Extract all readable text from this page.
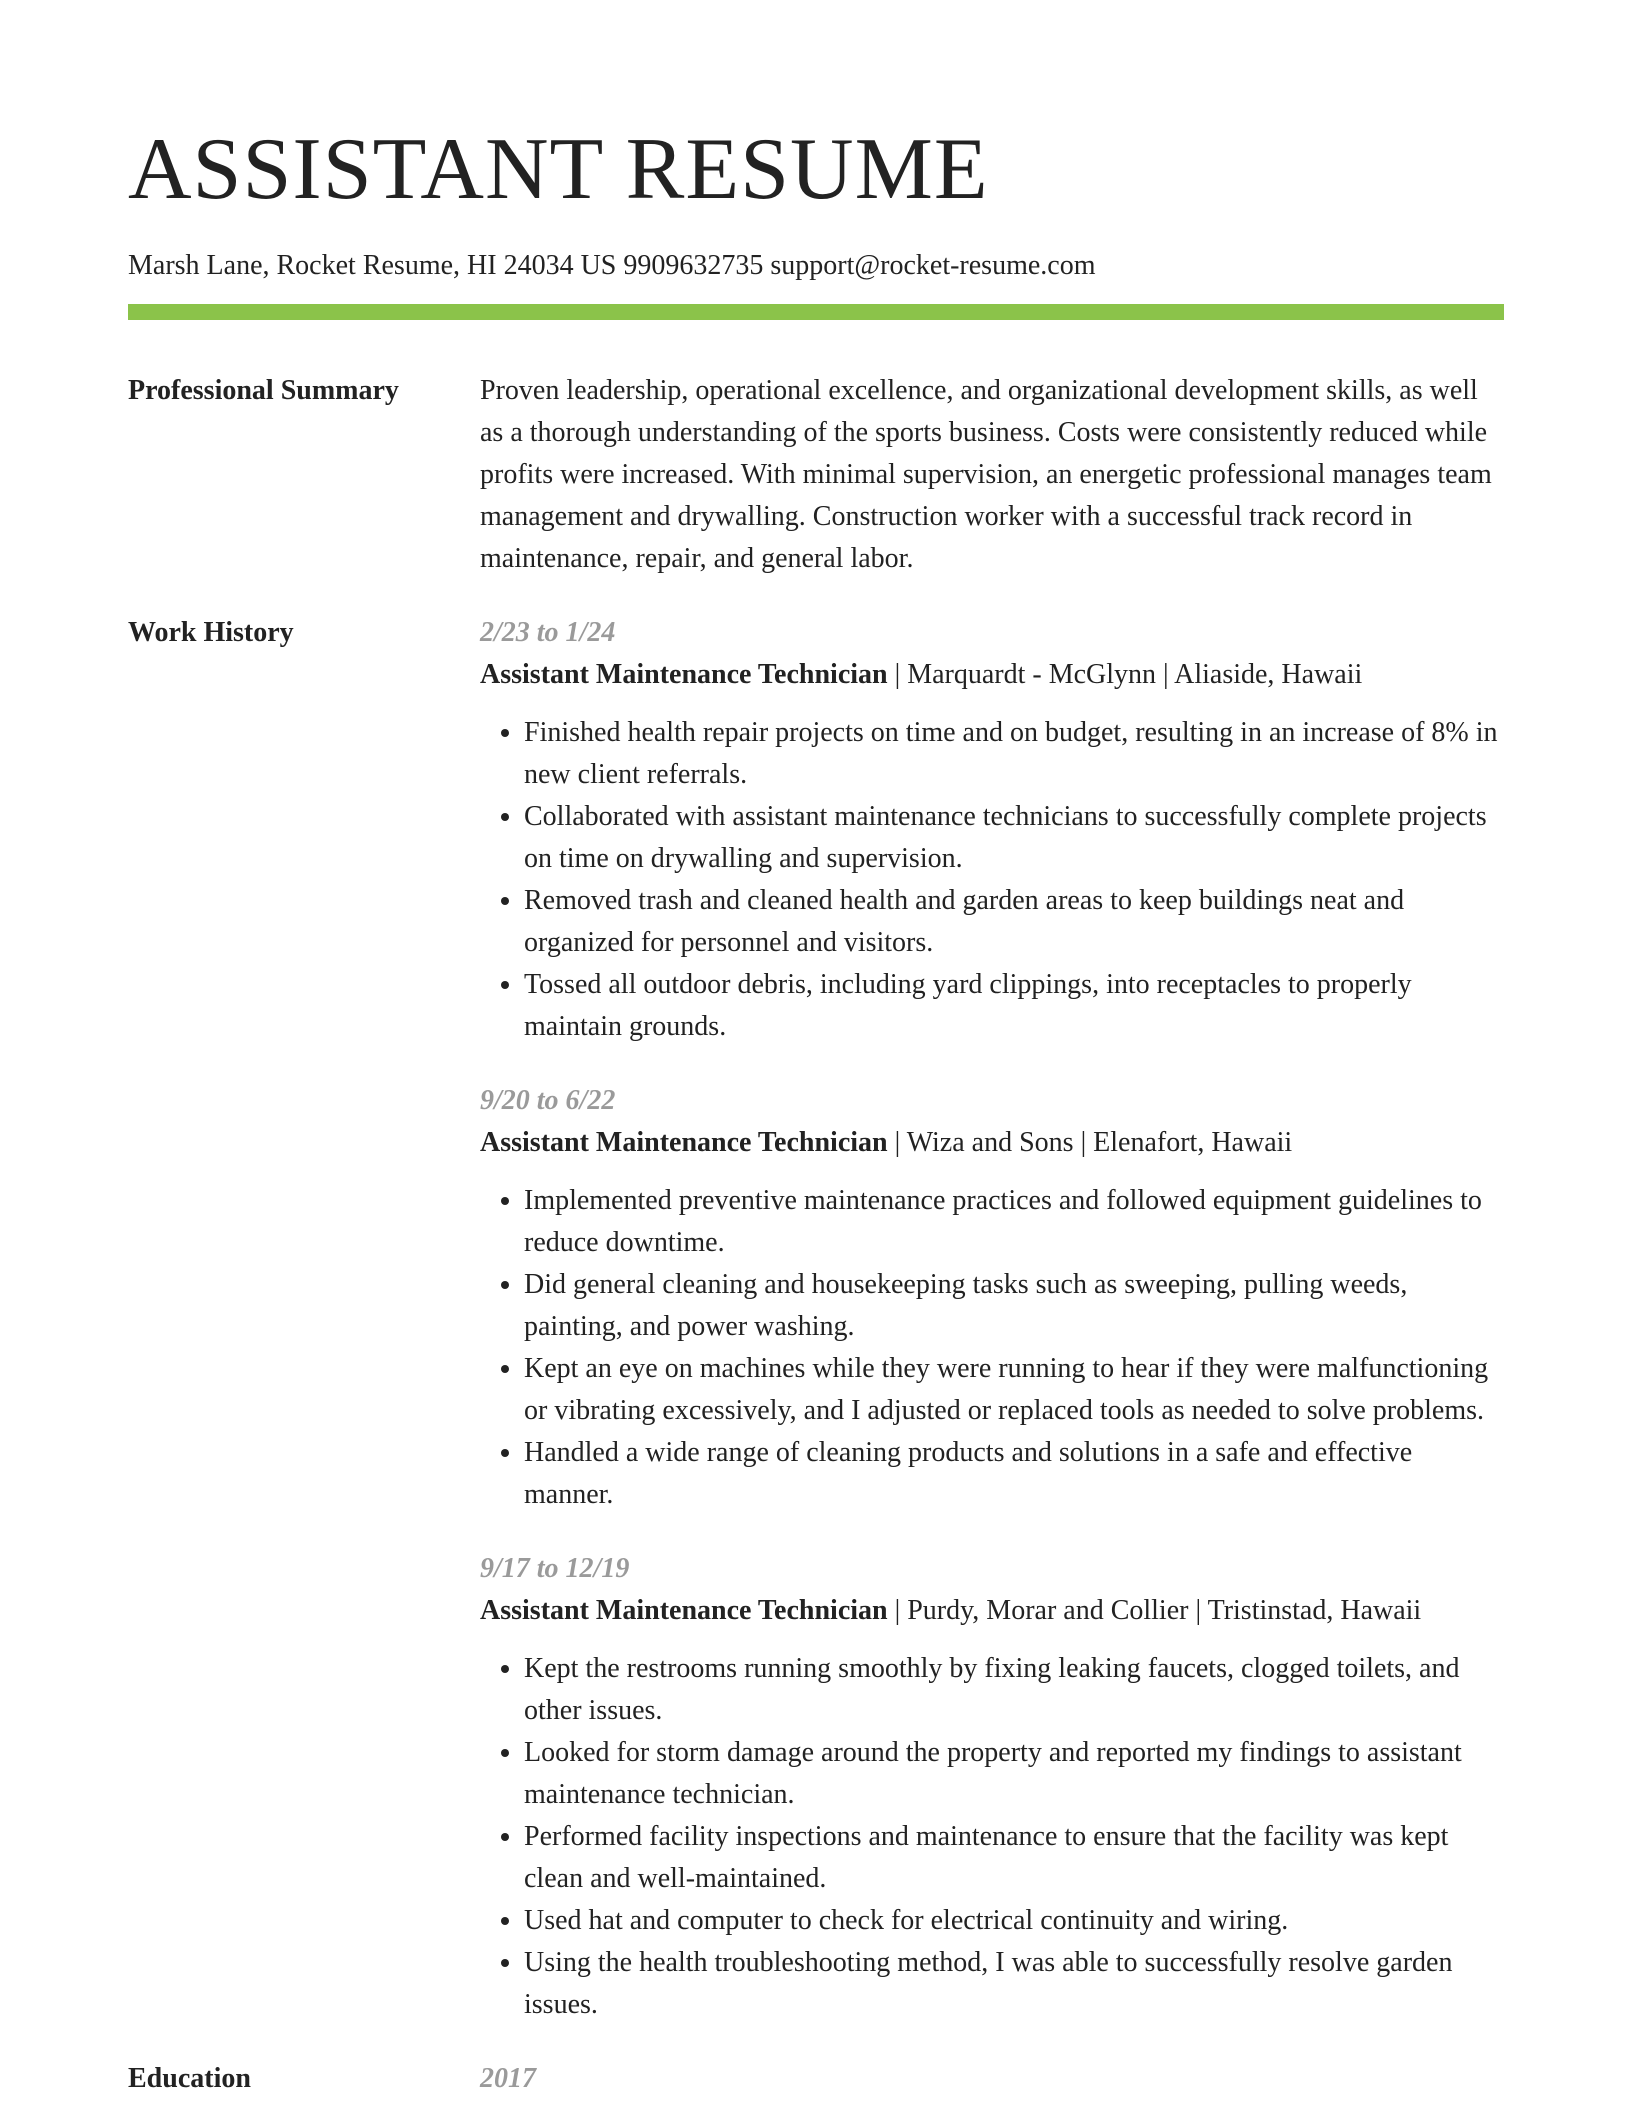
ASSISTANT RESUME
Marsh Lane, Rocket Resume, HI 24034 US 9909632735 support@rocket-resume.com
Professional Summary	Proven leadership, operational excellence, and organizational development skills, as well as a thorough understanding of the sports business. Costs were consistently reduced while profits were increased. With minimal supervision, an energetic professional manages team management and drywalling. Construction worker with a successful track record in maintenance, repair, and general labor.

Work History	2/23 to 1/24
Assistant Maintenance Technician | Marquardt - McGlynn | Aliaside, Hawaii
• Finished health repair projects on time and on budget, resulting in an increase of 8% in new client referrals.
• Collaborated with assistant maintenance technicians to successfully complete projects on time on drywalling and supervision.
• Removed trash and cleaned health and garden areas to keep buildings neat and organized for personnel and visitors.
• Tossed all outdoor debris, including yard clippings, into receptacles to properly maintain grounds.
9/20 to 6/22
Assistant Maintenance Technician | Wiza and Sons | Elenafort, Hawaii
• Implemented preventive maintenance practices and followed equipment guidelines to reduce downtime.
• Did general cleaning and housekeeping tasks such as sweeping, pulling weeds, painting, and power washing.
• Kept an eye on machines while they were running to hear if they were malfunctioning or vibrating excessively, and I adjusted or replaced tools as needed to solve problems.
• Handled a wide range of cleaning products and solutions in a safe and effective manner.
9/17 to 12/19
Assistant Maintenance Technician | Purdy, Morar and Collier | Tristinstad, Hawaii
• Kept the restrooms running smoothly by fixing leaking faucets, clogged toilets, and other issues.
• Looked for storm damage around the property and reported my findings to assistant maintenance technician.
• Performed facility inspections and maintenance to ensure that the facility was kept clean and well-maintained.
• Used hat and computer to check for electrical continuity and wiring.
• Using the health troubleshooting method, I was able to successfully resolve garden issues.
Education	2017
